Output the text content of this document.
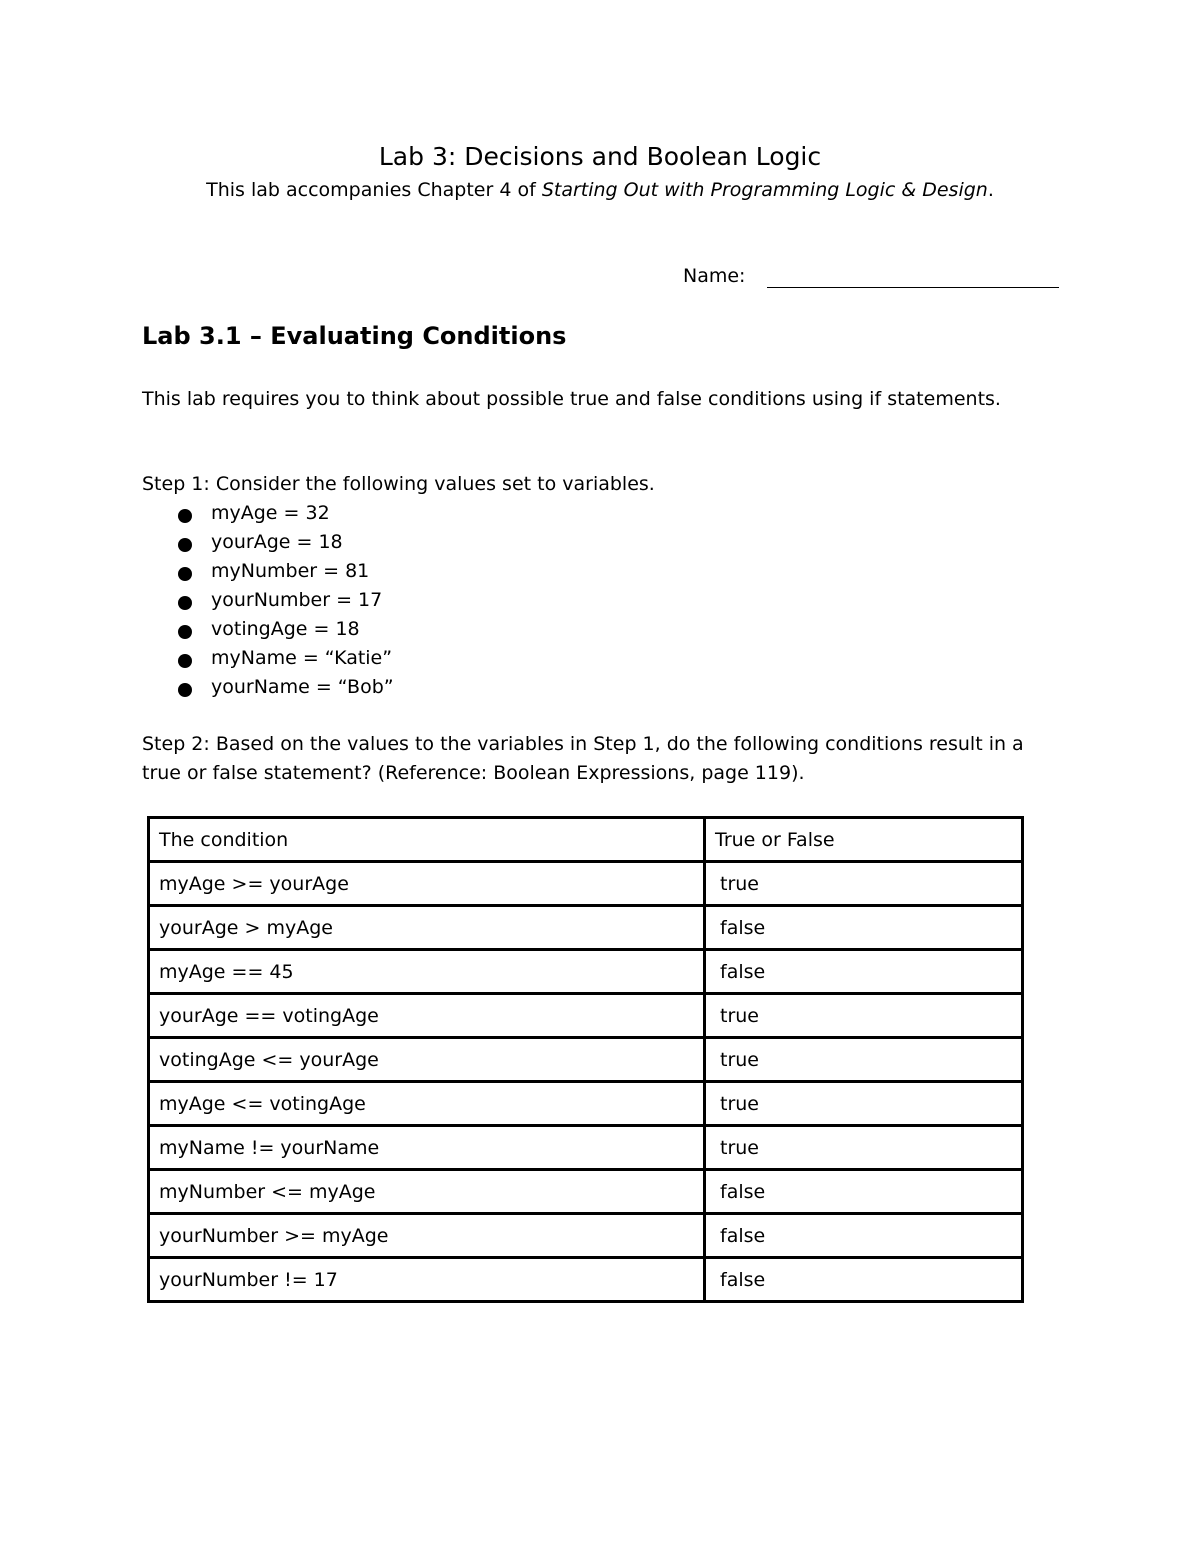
Lab 3: Decisions and Boolean Logic
This lab accompanies Chapter 4 of Starting Out with Programming Logic & Design.
Name:
Lab 3.1 – Evaluating Conditions

This lab requires you to think about possible true and false conditions using if statements.

Step 1: Consider the following values set to variables.
myAge = 32
yourAge = 18
myNumber = 81
yourNumber = 17
votingAge = 18
myName = “Katie”
yourName = “Bob”

Step 2: Based on the values to the variables in Step 1, do the following conditions result in a true or false statement? (Reference: Boolean Expressions, page 119).

The condition	True or False
myAge >= yourAge	true
yourAge > myAge	false
myAge == 45	false
yourAge == votingAge	true
votingAge <= yourAge	true
myAge <= votingAge	true
myName != yourName	true
myNumber <= myAge	false
yourNumber >= myAge	false
yourNumber != 17	false
